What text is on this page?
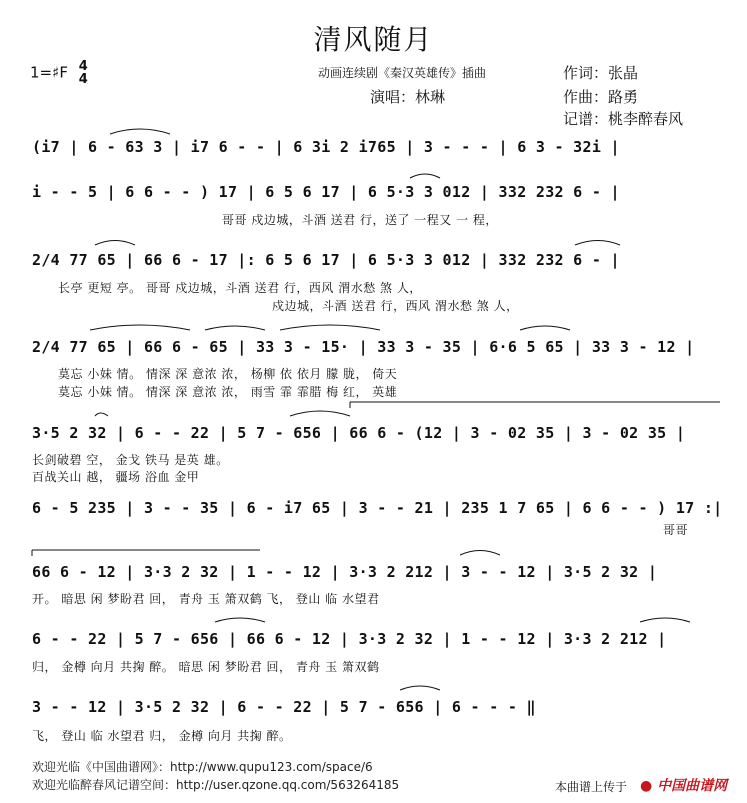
清风随月
1=♯F 4
4	动画连续剧《秦汉英雄传》插曲
演唱：林琳
作词：张晶
作曲：路勇
记谱：桃李醉春风
(i7 | 6 - 63 3 | i7 6 - - | 6 3i 2 i765 | 3 - - - | 6 3 - 32i |
i - - 5 | 6 6 - - ) 17 | 6 5 6 17 | 6 5·3 3 012 | 332 232 6 - |
哥哥 戍边城，斗酒 送君 行，送了 一程又 一 程，
2/4 77 65 | 66 6 - 17 |: 6 5 6 17 | 6 5·3 3 012 | 332 232 6 - |
长亭 更短 亭。 哥哥 戍边城，斗酒 送君 行，西风 渭水愁 煞 人，
戍边城，斗酒 送君 行，西风 渭水愁 煞 人，
2/4 77 65 | 66 6 - 65 | 33 3 - 15· | 33 3 - 35 | 6·6 5 65 | 33 3 - 12 |
莫忘 小妹 情。 情深 深 意浓 浓， 杨柳 依 依月 朦 胧， 倚天
莫忘 小妹 情。 情深 深 意浓 浓， 雨雪 霏 霏腊 梅 红， 英雄
3·5 2 32 | 6 - - 22 | 5 7 - 656 | 66 6 - (12 | 3 - 02 35 | 3 - 02 35 |
长剑破碧 空， 金戈 铁马 是英 雄。
百战关山 越， 疆场 浴血 金甲
6 - 5 235 | 3 - - 35 | 6 - i7 65 | 3 - - 21 | 235 1 7 65 | 6 6 - - ) 17 :|
哥哥
66 6 - 12 | 3·3 2 32 | 1 - - 12 | 3·3 2 212 | 3 - - 12 | 3·5 2 32 |
开。 暗思 闲 梦盼君 回， 青舟 玉 箫双鹤 飞， 登山 临 水望君
6 - - 22 | 5 7 - 656 | 66 6 - 12 | 3·3 2 32 | 1 - - 12 | 3·3 2 212 |
归， 金樽 向月 共掬 醉。 暗思 闲 梦盼君 回， 青舟 玉 箫双鹤
3 - - 12 | 3·5 2 32 | 6 - - 22 | 5 7 - 656 | 6 - - - ‖
飞， 登山 临 水望君 归， 金樽 向月 共掬 醉。
欢迎光临《中国曲谱网》：http://www.qupu123.com/space/6
欢迎光临醉春风记谱空间：http://user.qzone.qq.com/563264185	本曲谱上传于 ● 中国曲谱网
